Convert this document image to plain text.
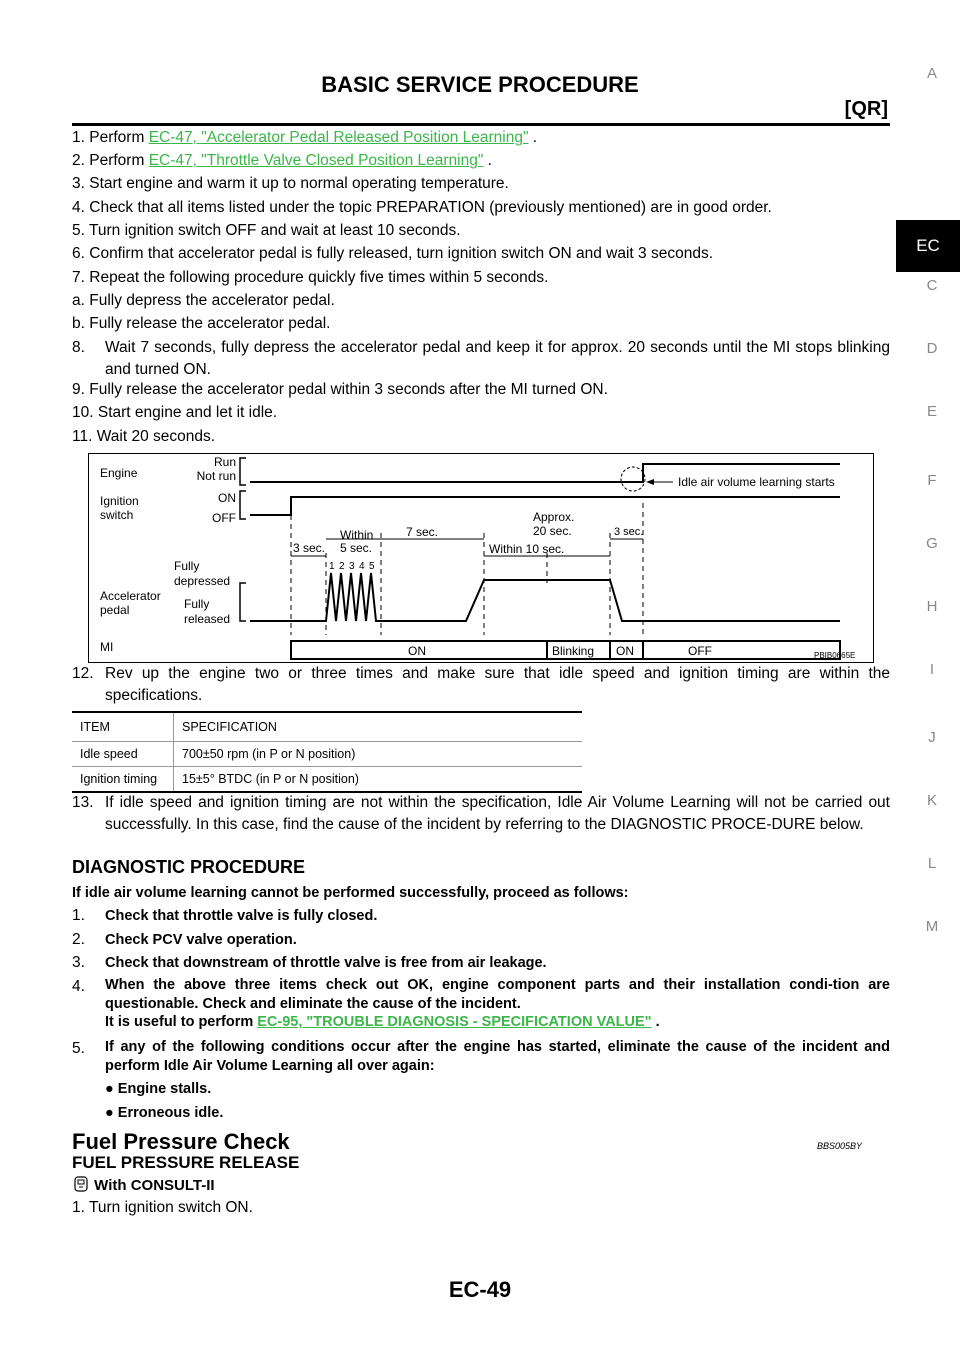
BASIC SERVICE PROCEDURE
[QR]
A
EC
C
D
E
F
G
H
I
J
K
L
M
1. Perform EC-47, "Accelerator Pedal Released Position Learning" .
2. Perform EC-47, "Throttle Valve Closed Position Learning" .
3. Start engine and warm it up to normal operating temperature.
4. Check that all items listed under the topic PREPARATION (previously mentioned) are in good order.
5. Turn ignition switch OFF and wait at least 10 seconds.
6. Confirm that accelerator pedal is fully released, turn ignition switch ON and wait 3 seconds.
7. Repeat the following procedure quickly five times within 5 seconds.
a. Fully depress the accelerator pedal.
b. Fully release the accelerator pedal.
8.	Wait 7 seconds, fully depress the accelerator pedal and keep it for approx. 20 seconds until the MI stops blinking and turned ON.
9. Fully release the accelerator pedal within 3 seconds after the MI turned ON.
10. Start engine and let it idle.
11. Wait 20 seconds.
Engine
Run
Not run
Ignition
switch
ON
OFF
Accelerator
pedal
Fully
depressed
Fully
released
MI
Idle air volume learning starts
3 sec.
Within
5 sec.
7 sec.
Approx.
20 sec.
Within 10 sec.
3 sec.
1 2 3 4 5
ON	Blinking ON	OFF	PBIB0665E
12. Rev up the engine two or three times and make sure that idle speed and ignition timing are within the specifications.
ITEM	SPECIFICATION
Idle speed	700±50 rpm (in P or N position)
Ignition timing	15±5° BTDC (in P or N position)
13. If idle speed and ignition timing are not within the specification, Idle Air Volume Learning will not be carried out successfully. In this case, find the cause of the incident by referring to the DIAGNOSTIC PROCE-DURE below.
DIAGNOSTIC PROCEDURE
If idle air volume learning cannot be performed successfully, proceed as follows:
1.	Check that throttle valve is fully closed.
2.	Check PCV valve operation.
3.	Check that downstream of throttle valve is free from air leakage.
4.	When the above three items check out OK, engine component parts and their installation condi-tion are questionable. Check and eliminate the cause of the incident.
It is useful to perform EC-95, "TROUBLE DIAGNOSIS - SPECIFICATION VALUE" .
5.	If any of the following conditions occur after the engine has started, eliminate the cause of the incident and perform Idle Air Volume Learning all over again:
● Engine stalls.
● Erroneous idle.
Fuel Pressure Check	BBS005BY
FUEL PRESSURE RELEASE
With CONSULT-II
1. Turn ignition switch ON.
EC-49
